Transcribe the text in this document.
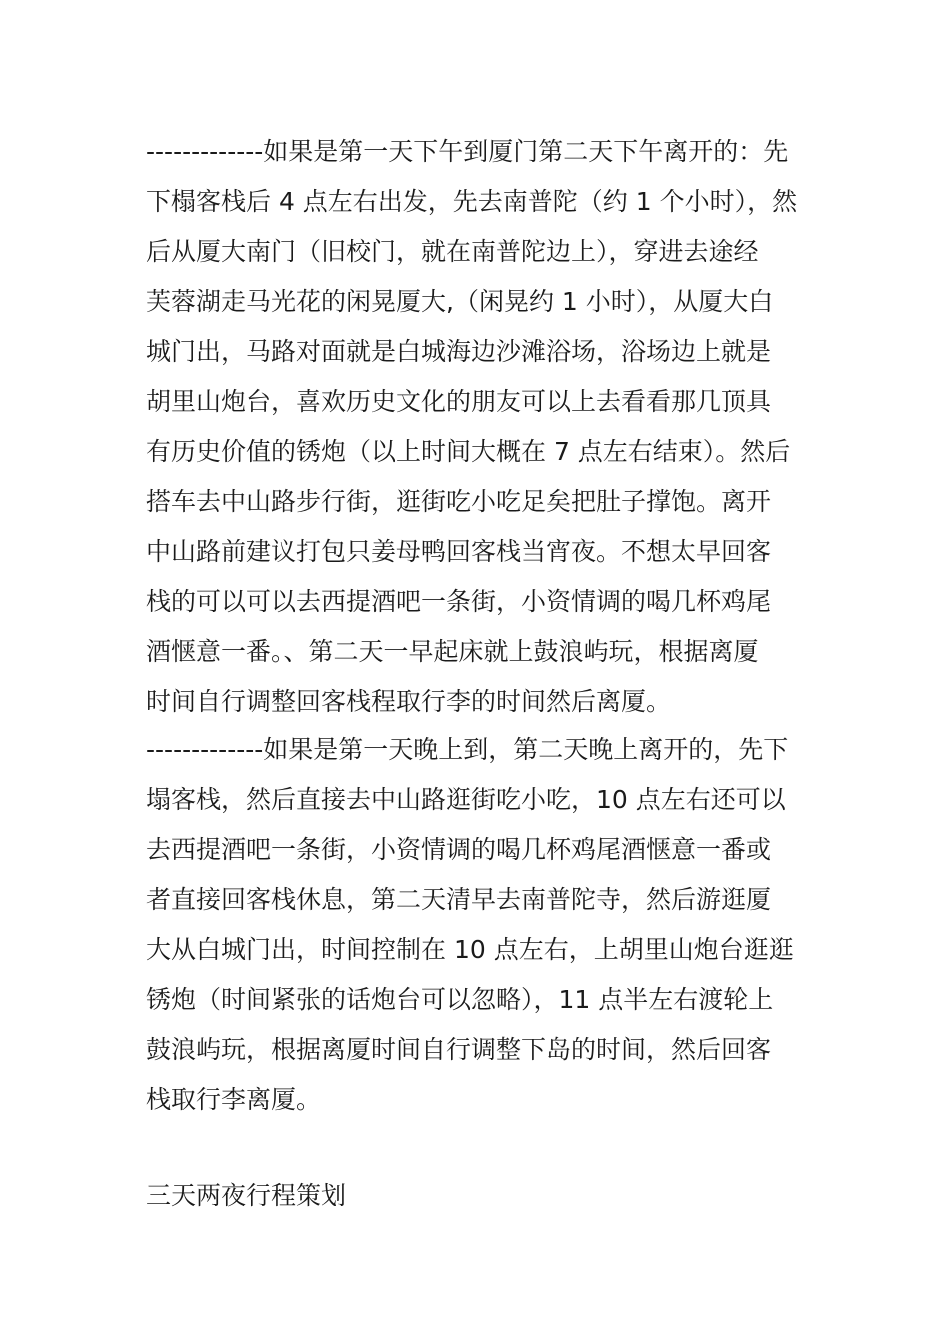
-------------如果是第一天下午到厦门第二天下午离开的：先
下榻客栈后 4 点左右出发，先去南普陀（约 1 个小时），然
后从厦大南门（旧校门，就在南普陀边上），穿进去途经
芙蓉湖走马光花的闲晃厦大,（闲晃约 1 小时），从厦大白
城门出，马路对面就是白城海边沙滩浴场，浴场边上就是
胡里山炮台，喜欢历史文化的朋友可以上去看看那几顶具
有历史价值的锈炮（以上时间大概在 7 点左右结束）。然后
搭车去中山路步行街，逛街吃小吃足矣把肚子撑饱。离开
中山路前建议打包只姜母鸭回客栈当宵夜。不想太早回客
栈的可以可以去西提酒吧一条街，小资情调的喝几杯鸡尾
酒惬意一番。、第二天一早起床就上鼓浪屿玩，根据离厦
时间自行调整回客栈程取行李的时间然后离厦。
-------------如果是第一天晚上到，第二天晚上离开的，先下
塌客栈，然后直接去中山路逛街吃小吃，10 点左右还可以
去西提酒吧一条街，小资情调的喝几杯鸡尾酒惬意一番或
者直接回客栈休息，第二天清早去南普陀寺，然后游逛厦
大从白城门出，时间控制在 10 点左右，上胡里山炮台逛逛
锈炮（时间紧张的话炮台可以忽略），11 点半左右渡轮上
鼓浪屿玩，根据离厦时间自行调整下岛的时间，然后回客
栈取行李离厦。
三天两夜行程策划
